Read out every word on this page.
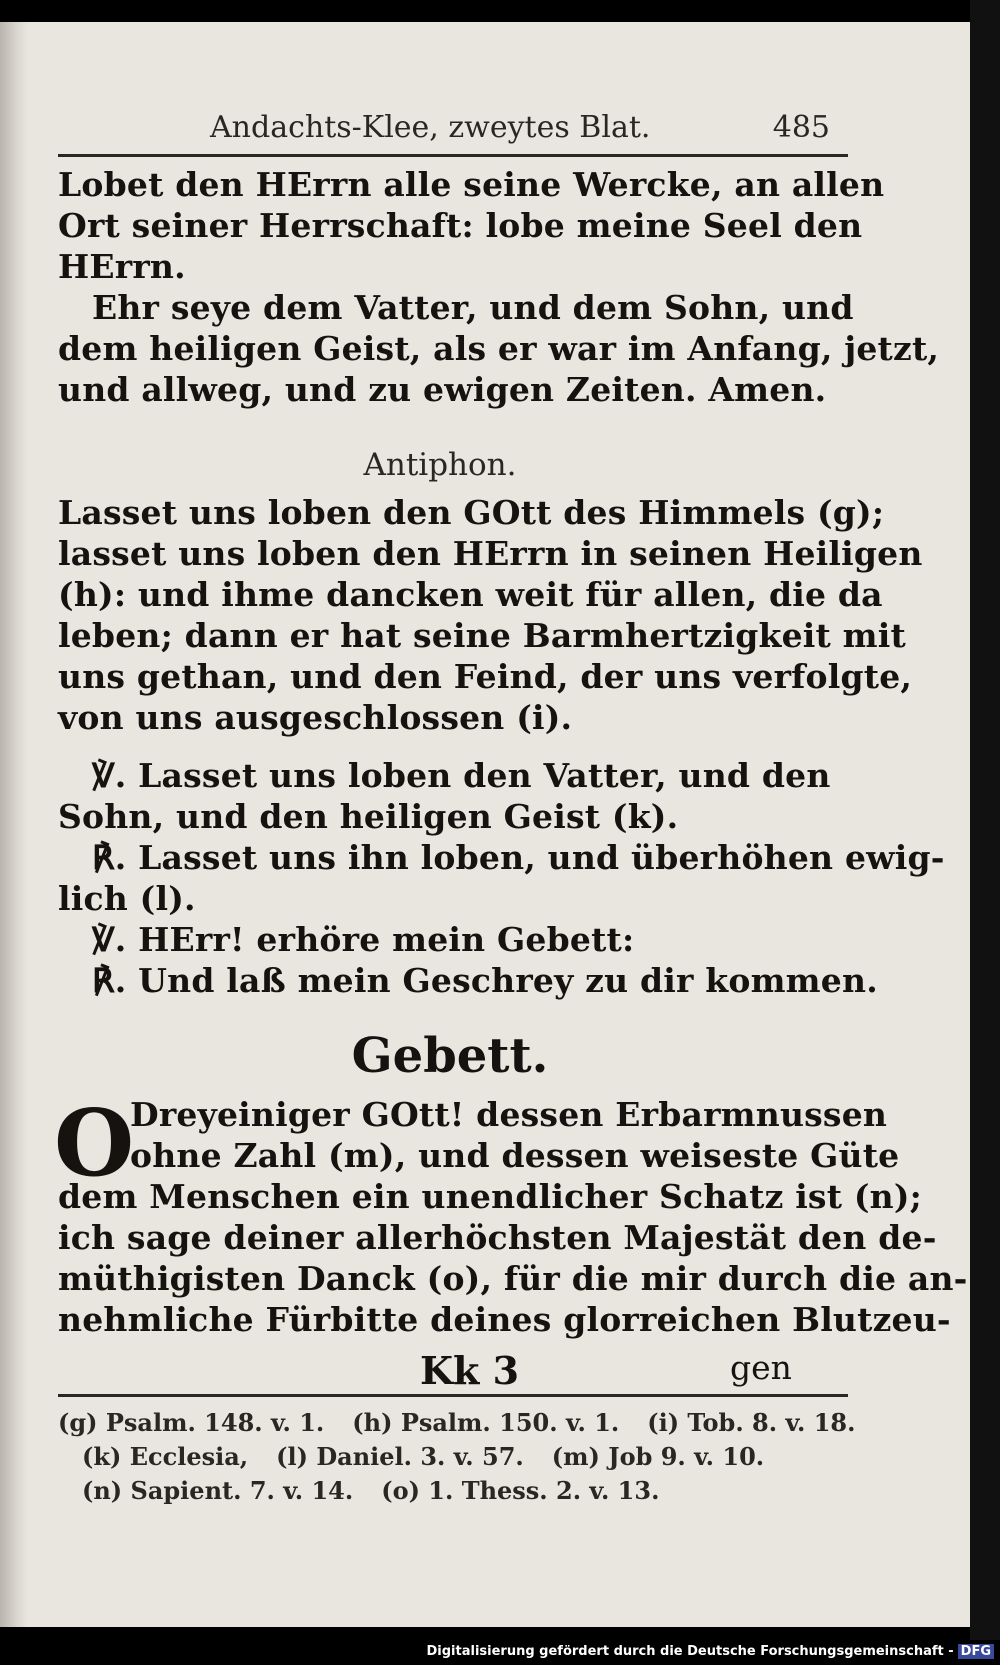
Andachts-Klee, zweytes Blat.	485
Lobet den HErrn alle seine Wercke, an allen
Ort seiner Herrschaft: lobe meine Seel den
HErrn.
Ehr seye dem Vatter, und dem Sohn, und
dem heiligen Geist, als er war im Anfang, jetzt,
und allweg, und zu ewigen Zeiten. Amen.
Antiphon.
Lasset uns loben den GOtt des Himmels (g);
lasset uns loben den HErrn in seinen Heiligen
(h): und ihme dancken weit für allen, die da
leben; dann er hat seine Barmhertzigkeit mit
uns gethan, und den Feind, der uns verfolgte,
von uns ausgeschlossen (i).
℣. Lasset uns loben den Vatter, und den
Sohn, und den heiligen Geist (k).
℟. Lasset uns ihn loben, und überhöhen ewig-
lich (l).
℣. HErr! erhöre mein Gebett:
℟. Und laß mein Geschrey zu dir kommen.
Gebett.
O
Dreyeiniger GOtt! dessen Erbarmnussen
ohne Zahl (m), und dessen weiseste Güte
dem Menschen ein unendlicher Schatz ist (n);
ich sage deiner allerhöchsten Majestät den de-
müthigisten Danck (o), für die mir durch die an-
nehmliche Fürbitte deines glorreichen Blutzeu-
Kk 3	gen
(g) Psalm. 148. v. 1. (h) Psalm. 150. v. 1. (i) Tob. 8. v. 18.
(k) Ecclesia, (l) Daniel. 3. v. 57. (m) Job 9. v. 10.
(n) Sapient. 7. v. 14. (o) 1. Thess. 2. v. 13.
Digitalisierung gefördert durch die Deutsche Forschungsgemeinschaft - DFG
